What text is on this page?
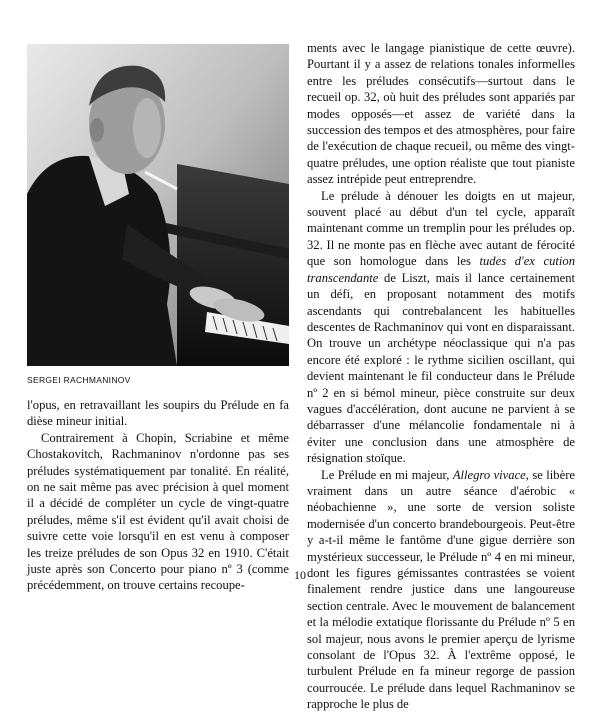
SERGEI RACHMANINOV

l'opus, en retravaillant les soupirs du Prélude en fa dièse mineur initial.

Contrairement à Chopin, Scriabine et même Chostakovitch, Rachmaninov n'ordonne pas ses préludes systématiquement par tonalité. En réalité, on ne sait même pas avec précision à quel moment il a décidé de compléter un cycle de vingt-quatre préludes, même s'il est évident qu'il avait choisi de suivre cette voie lorsqu'il en est venu à composer les treize préludes de son Opus 32 en 1910. C'était juste après son Concerto pour piano nº 3 (comme précédemment, on trouve certains recoupe-

ments avec le langage pianistique de cette œuvre). Pourtant il y a assez de relations tonales informelles entre les préludes consécutifs—surtout dans le recueil op. 32, où huit des préludes sont appariés par modes opposés—et assez de variété dans la succession des tempos et des atmosphères, pour faire de l'exécution de chaque recueil, ou même des vingt-quatre préludes, une option réaliste que tout pianiste assez intrépide peut entreprendre.

Le prélude à dénouer les doigts en ut majeur, souvent placé au début d'un tel cycle, apparaît maintenant comme un tremplin pour les préludes op. 32. Il ne monte pas en flèche avec autant de férocité que son homologue dans les tudes d'ex cution transcendante de Liszt, mais il lance certainement un défi, en proposant notamment des motifs ascendants qui contrebalancent les habituelles descentes de Rachmaninov qui vont en disparaissant. On trouve un archétype néoclassique qui n'a pas encore été exploré : le rythme sicilien oscillant, qui devient maintenant le fil conducteur dans le Prélude nº 2 en si bémol mineur, pièce construite sur deux vagues d'accélération, dont aucune ne parvient à se débarrasser d'une mélancolie fondamentale ni à éviter une conclusion dans une atmosphère de résignation stoïque.

Le Prélude en mi majeur, Allegro vivace, se libère vraiment dans un autre séance d'aérobic « néobachienne », une sorte de version soliste modernisée d'un concerto brandebourgeois. Peut-être y a-t-il même le fantôme d'une gigue derrière son mystérieux successeur, le Prélude nº 4 en mi mineur, dont les figures gémissantes contrastées se voient finalement rendre justice dans une langoureuse section centrale. Avec le mouvement de balancement et la mélodie extatique florissante du Prélude nº 5 en sol majeur, nous avons le premier aperçu de lyrisme consolant de l'Opus 32. À l'extrême opposé, le turbulent Prélude en fa mineur regorge de passion courroucée. Le prélude dans lequel Rachmaninov se rapproche le plus de

10
